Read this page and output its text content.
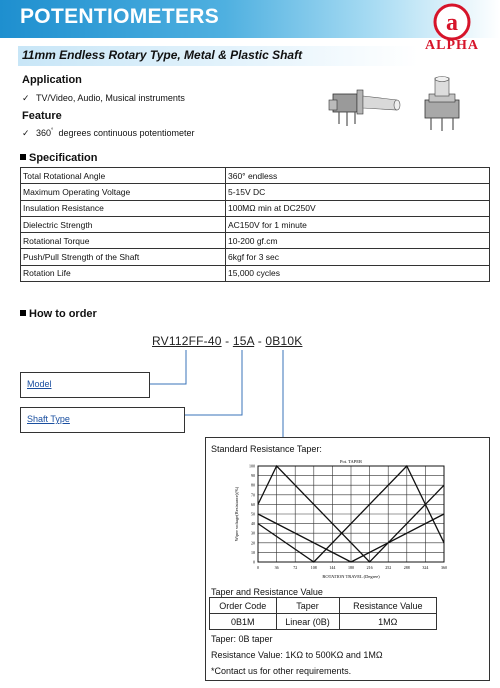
POTENTIOMETERS	a
ALPHA
11mm Endless Rotary Type, Metal & Plastic Shaft
Application
✓ TV/Video, Audio, Musical instruments
Feature
✓ 360° degrees continuous potentiometer
Specification
Total Rotational Angle	360° endless
Maximum Operating Voltage	5-15V DC
Insulation Resistance	100MΩ min at DC250V
Dielectric Strength	AC150V for 1 minute
Rotational Torque	10-200 gf.cm
Push/Pull Strength of the Shaft	6kgf for 3 sec
Rotation Life	15,000 cycles
How to order
RV112FF-40 - 15A - 0B10K
Model
Shaft Type
Standard Resistance Taper:
Taper and Resistance Value
Taper: 0B taper
Resistance Value: 1KΩ to 500KΩ and 1MΩ
*Contact us for other requirements.
0	36	72	108	144	180	216	252	288	324	360
0
10
20
30
40
50
60
70
80
90
100
Pot. TAPER
ROTATION TRAVEL (Degree)
Wiper voltage(Resistance)(%)
Order Code	Taper	Resistance Value
0B1M	Linear (0B)	1MΩ
